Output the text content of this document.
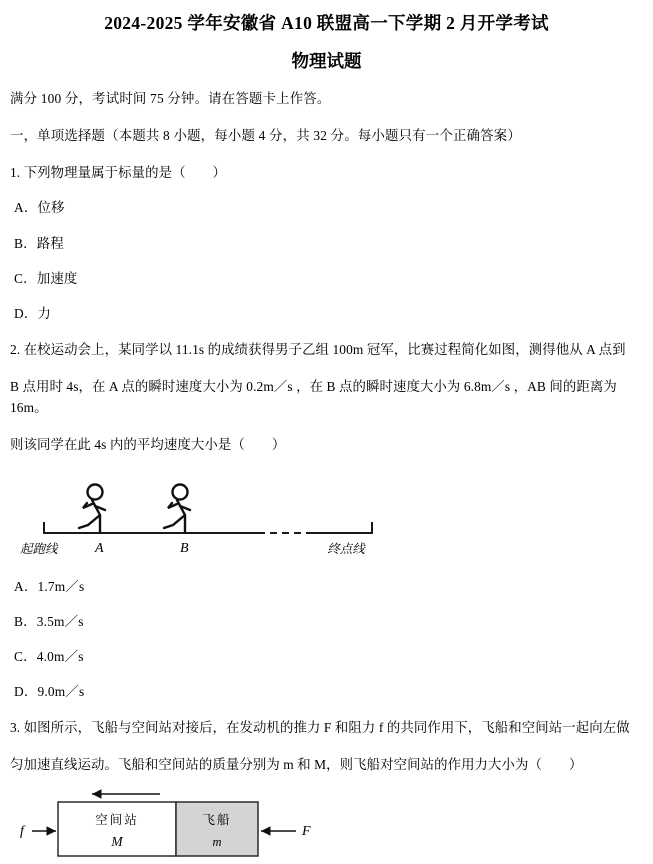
2024-2025 学年安徽省 A10 联盟高一下学期 2 月开学考试
物理试题

满分 100 分，考试时间 75 分钟。请在答题卡上作答。

一，单项选择题（本题共 8 小题，每小题 4 分，共 32 分。每小题只有一个正确答案）

1. 下列物理量属于标量的是（　　）

A．位移

B．路程

C．加速度

D．力

2. 在校运动会上，某同学以 11.1s 的成绩获得男子乙组 100m 冠军，比赛过程简化如图，测得他从 A 点到

B 点用时 4s，在 A 点的瞬时速度大小为 0.2m／s ，在 B 点的瞬时速度大小为 6.8m／s ，AB 间的距离为 16m。

则该同学在此 4s 内的平均速度大小是（　　）

起跑线	A	B	终点线

A．1.7m／s

B．3.5m／s

C．4.0m／s

D．9.0m／s

3. 如图所示，飞船与空间站对接后，在发动机的推力 F 和阻力 f 的共同作用下，飞船和空间站一起向左做

匀加速直线运动。飞船和空间站的质量分别为 m 和 M，则飞船对空间站的作用力大小为（　　）

空间站
M
飞船
m
f	F
